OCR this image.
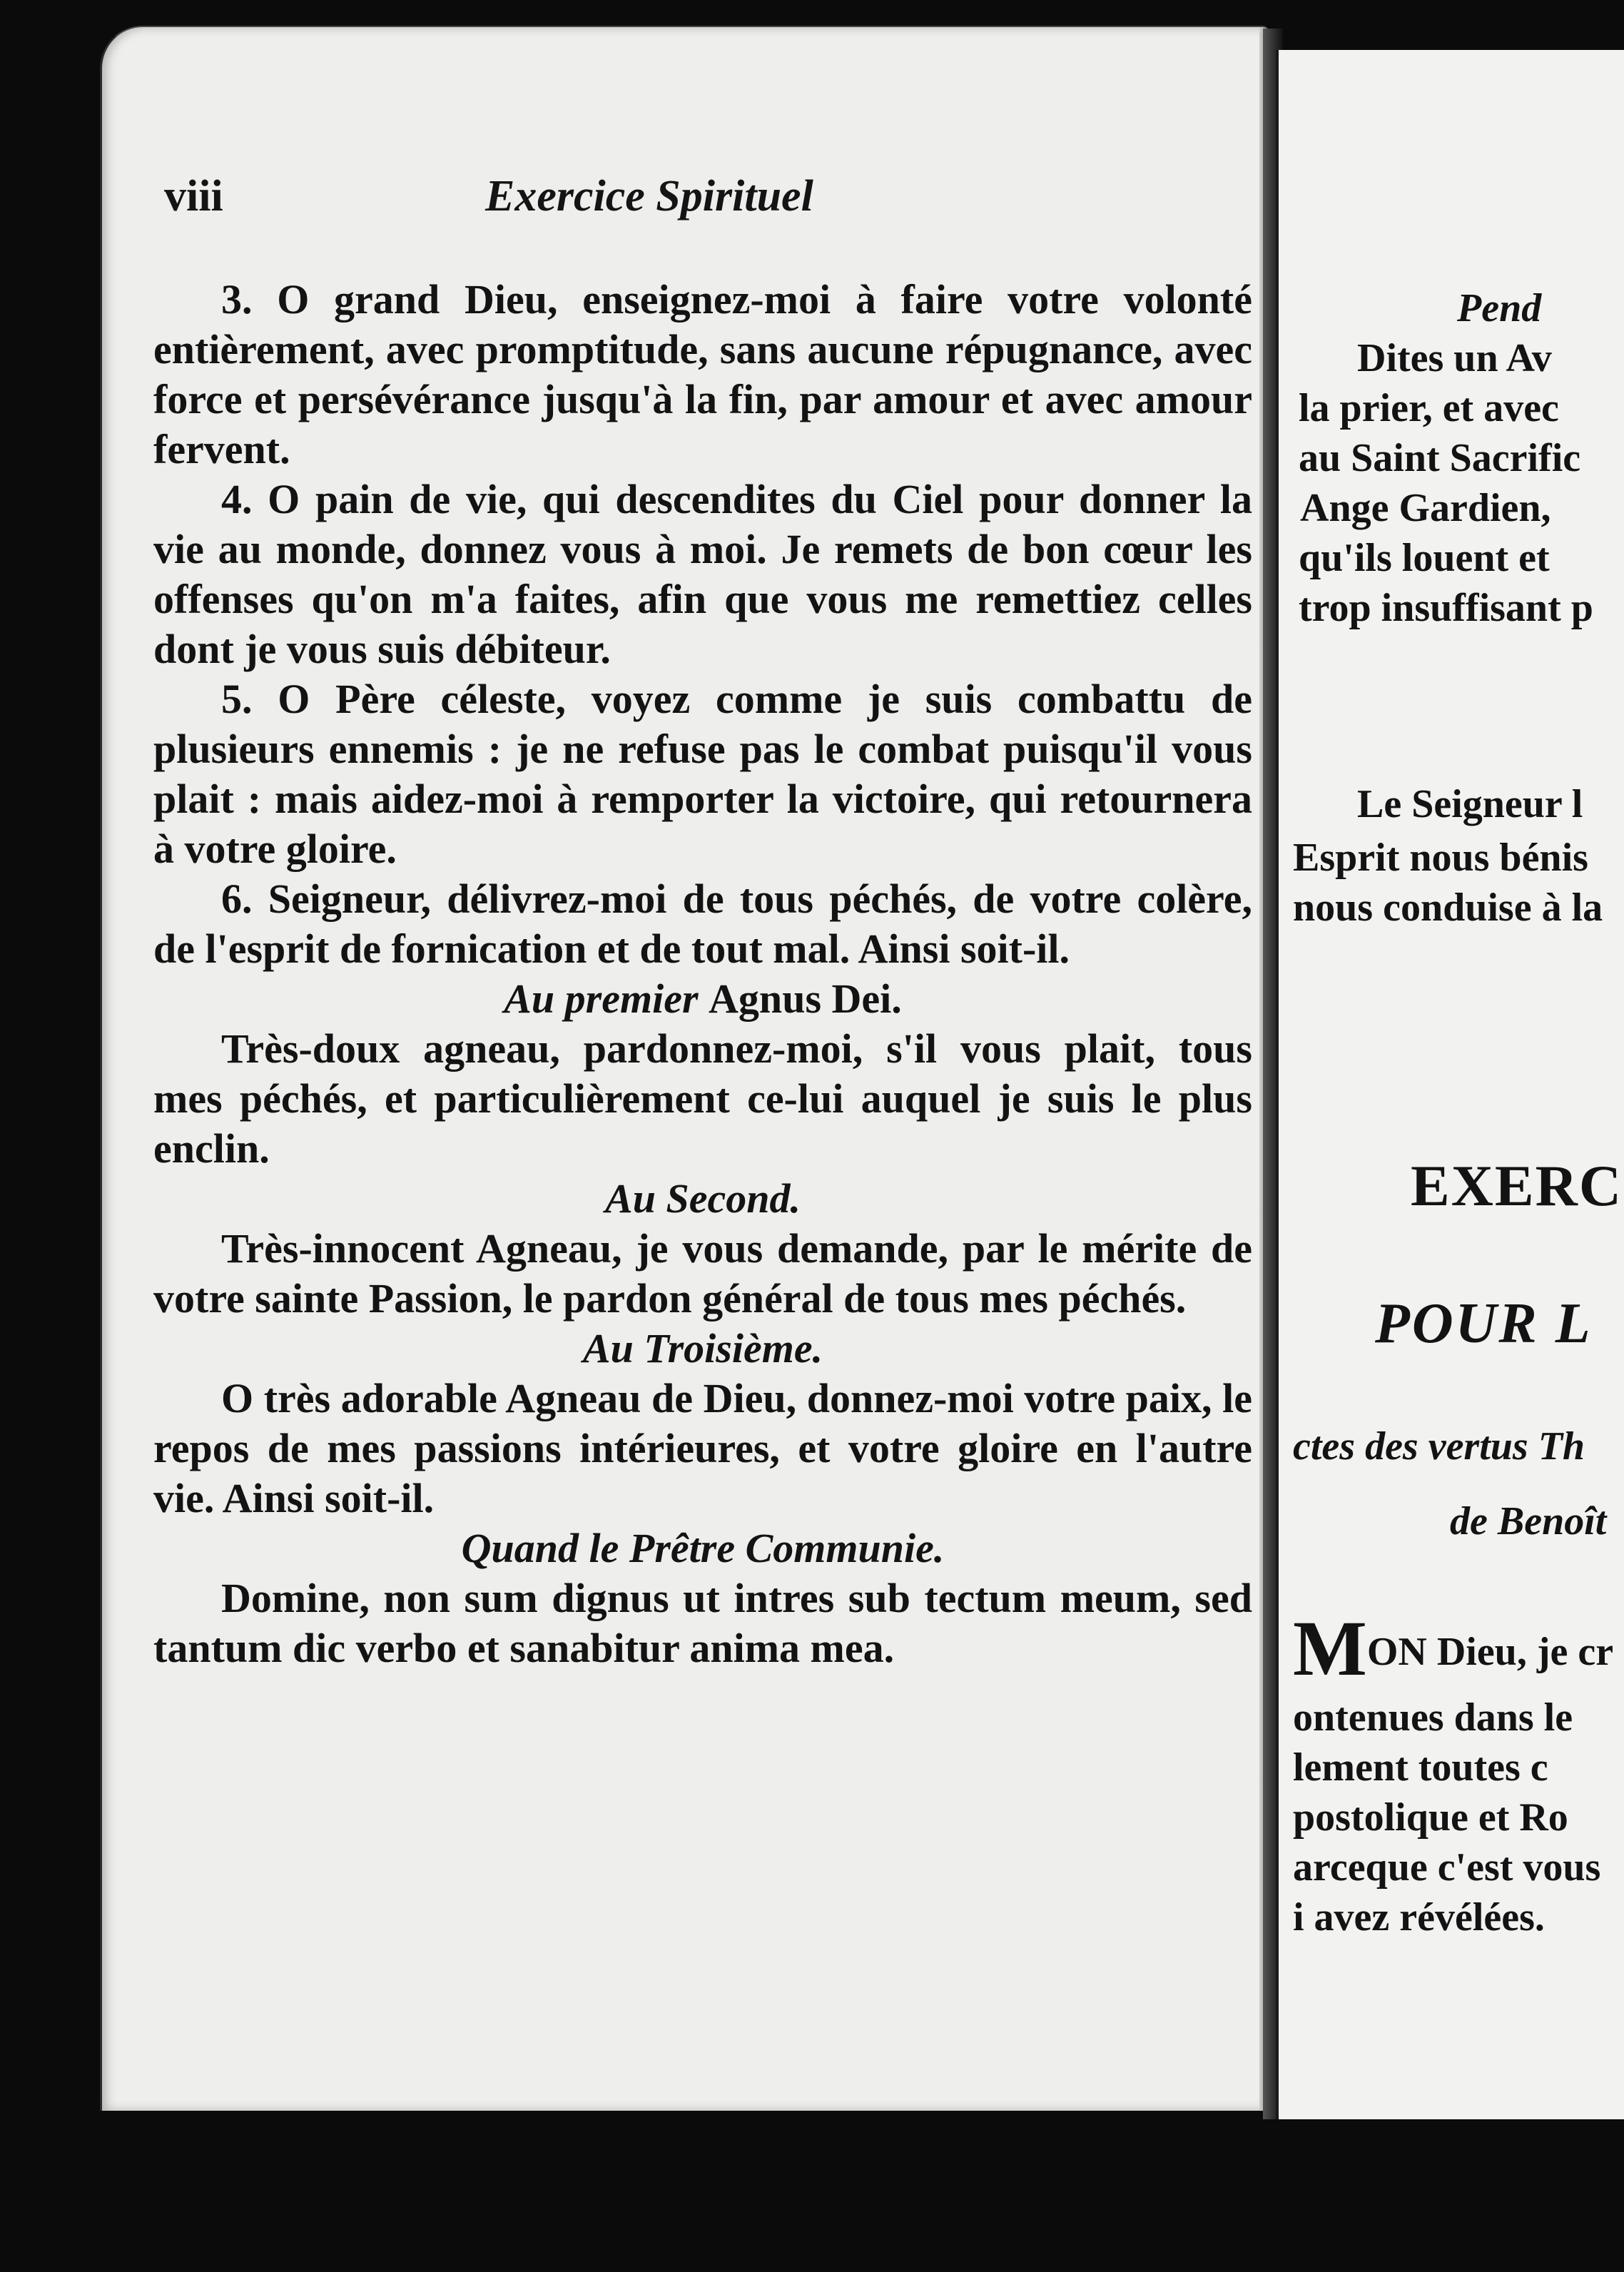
viii	Exercice Spirituel

3. O grand Dieu, enseignez-moi à faire votre volonté entièrement, avec promptitude, sans aucune répugnance, avec force et persévérance jusqu'à la fin, par amour et avec amour fervent.

4. O pain de vie, qui descendites du Ciel pour donner la vie au monde, donnez vous à moi. Je remets de bon cœur les offenses qu'on m'a faites, afin que vous me remettiez celles dont je vous suis débiteur.

5. O Père céleste, voyez comme je suis combattu de plusieurs ennemis : je ne refuse pas le combat puisqu'il vous plait : mais aidez-moi à remporter la victoire, qui retournera à votre gloire.

6. Seigneur, délivrez-moi de tous péchés, de votre colère, de l'esprit de fornication et de tout mal. Ainsi soit-il.

Au premier Agnus Dei.

Très-doux agneau, pardonnez-moi, s'il vous plait, tous mes péchés, et particulièrement ce-lui auquel je suis le plus enclin.

Au Second.

Très-innocent Agneau, je vous demande, par le mérite de votre sainte Passion, le pardon général de tous mes péchés.

Au Troisième.

O très adorable Agneau de Dieu, donnez-moi votre paix, le repos de mes passions intérieures, et votre gloire en l'autre vie. Ainsi soit-il.

Quand le Prêtre Communie.

Domine, non sum dignus ut intres sub tectum meum, sed tantum dic verbo et sanabitur anima mea.

Pend
Dites un Av
la prier, et avec
au Saint Sacrific
Ange Gardien,
qu'ils louent et
trop insuffisant p
Le Seigneur l
Esprit nous bénis
nous conduise à la
EXERC
POUR L
ctes des vertus Th
de Benoît
MON Dieu, je cr
ontenues dans le
lement toutes c
postolique et Ro
arceque c'est vous
i avez révélées.
